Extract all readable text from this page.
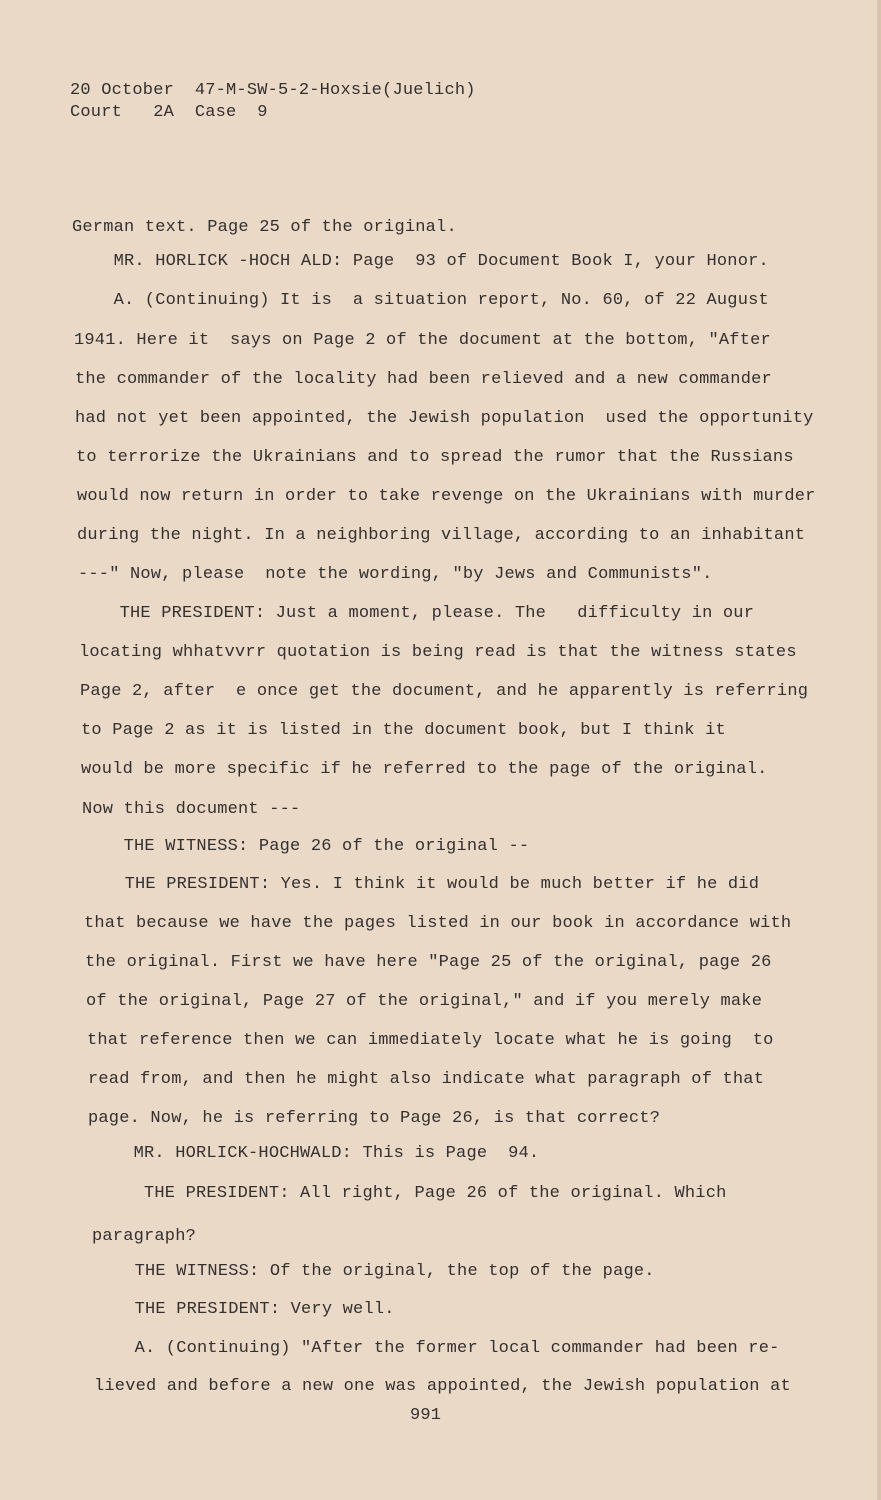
20 October  47-M-SW-5-2-Hoxsie(Juelich)
Court   2A  Case  9
German text. Page 25 of the original.
MR. HORLICK -HOCH ALD: Page  93 of Document Book I, your Honor.
A. (Continuing) It is  a situation report, No. 60, of 22 August
1941. Here it  says on Page 2 of the document at the bottom, "After
the commander of the locality had been relieved and a new commander
had not yet been appointed, the Jewish population  used the opportunity
to terrorize the Ukrainians and to spread the rumor that the Russians
would now return in order to take revenge on the Ukrainians with murder
during the night. In a neighboring village, according to an inhabitant
---" Now, please  note the wording, "by Jews and Communists".
THE PRESIDENT: Just a moment, please. The   difficulty in our
locating whhatvvrr quotation is being read is that the witness states
Page 2, after  e once get the document, and he apparently is referring
to Page 2 as it is listed in the document book, but I think it
would be more specific if he referred to the page of the original.
Now this document ---
THE WITNESS: Page 26 of the original --
THE PRESIDENT: Yes. I think it would be much better if he did
that because we have the pages listed in our book in accordance with
the original. First we have here "Page 25 of the original, page 26
of the original, Page 27 of the original," and if you merely make
that reference then we can immediately locate what he is going  to
read from, and then he might also indicate what paragraph of that
page. Now, he is referring to Page 26, is that correct?
MR. HORLICK-HOCHWALD: This is Page  94.
THE PRESIDENT: All right, Page 26 of the original. Which
paragraph?
THE WITNESS: Of the original, the top of the page.
THE PRESIDENT: Very well.
A. (Continuing) "After the former local commander had been re-
lieved and before a new one was appointed, the Jewish population at
991
